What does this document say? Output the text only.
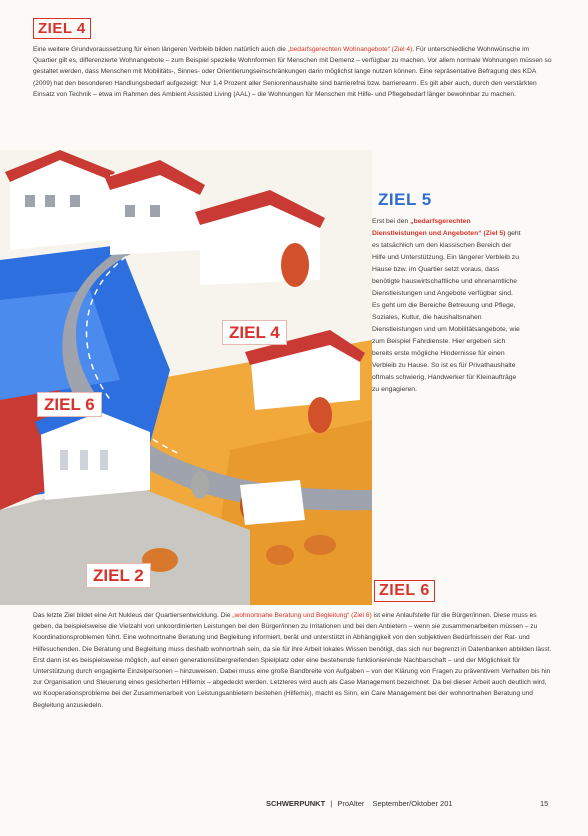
ZIEL 4

Eine weitere Grundvoraussetzung für einen längeren Verbleib bilden natürlich auch die „bedarfsgerechten Wohnangebote“ (Ziel 4). Für unterschiedliche Wohnwünsche im Quartier gilt es, differenzierte Wohnangebote – zum Beispiel spezielle Wohnformen für Menschen mit Demenz – verfügbar zu machen. Vor allem normale Wohnungen müssen so gestaltet werden, dass Menschen mit Mobilitäts-, Sinnes- oder Orientierungseinschränkungen darin möglichst lange nutzen können. Eine repräsentative Befragung des KDA (2009) hat den besonderen Handlungsbedarf aufgezeigt: Nur 1,4 Prozent aller Seniorenhaushalte sind barrierefrei bzw. barrierearm. Es gilt aber auch, durch den verstärkten Einsatz von Technik – etwa im Rahmen des Ambient Assisted Living (AAL) – die Wohnungen für Menschen mit Hilfe- und Pflegebedarf länger bewohnbar zu machen.

ZIEL 4
ZIEL 6
ZIEL 2
ZIEL 5

Erst bei den „bedarfsgerechten Dienstleistungen und Angeboten“ (Ziel 5) geht es tatsächlich um den klassischen Bereich der Hilfe und Unterstützung. Ein längerer Verbleib zu Hause bzw. im Quartier setzt voraus, dass benötigte hauswirtschaftliche und ehrenamtliche Dienstleistungen und Angebote verfügbar sind. Es geht um die Bereiche Betreuung und Pflege, Soziales, Kultur, die haushaltsnahen Dienstleistungen und um Mobilitätsangebote, wie zum Beispiel Fahrdienste. Hier ergeben sich bereits erste mögliche Hindernisse für einen Verbleib zu Hause. So ist es für Privathaushalte oftmals schwierig, Handwerker für Kleinaufträge zu engagieren.

ZIEL 6

Das letzte Ziel bildet eine Art Nukleus der Quartiersentwicklung. Die „wohnortnahe Beratung und Begleitung“ (Ziel 6) ist eine Anlaufstelle für die Bürger/innen. Diese muss es geben, da beispielsweise die Vielzahl von unkoordinierten Leistungen bei den Bürger/innen zu Irritationen und bei den Anbietern – wenn sie zusammenarbeiten müssen – zu Koordinationsproblemen führt. Eine wohnortnahe Beratung und Begleitung informiert, berät und unterstützt in Abhängigkeit von den subjektiven Bedürfnissen der Rat- und Hilfesuchenden. Die Beratung und Begleitung muss deshalb wohnortnah sein, da sie für ihre Arbeit lokales Wissen benötigt, das sich nur begrenzt in Datenbanken abbilden lässt. Erst dann ist es beispielsweise möglich, auf einen generationsübergreifenden Spielplatz oder eine bestehende funktionierende Nachbarschaft – und der Möglichkeit für Unterstützung durch engagierte Einzelpersonen – hinzuweisen. Dabei muss eine große Bandbreite von Aufgaben – von der Klärung von Fragen zu präventivem Verhalten bis hin zur Organisation und Steuerung eines gesicherten Hilfemix – abgedeckt werden. Letzteres wird auch als Case Management bezeichnet. Da bei dieser Arbeit auch deutlich wird, wo Kooperationsprobleme bei der Zusammenarbeit von Leistungsanbietern bestehen (Hilfemix), macht es Sinn, ein Care Management bei der wohnortnahen Beratung und Begleitung anzusiedeln.

SCHWERPUNKT | ProAlter September/Oktober 201	15
